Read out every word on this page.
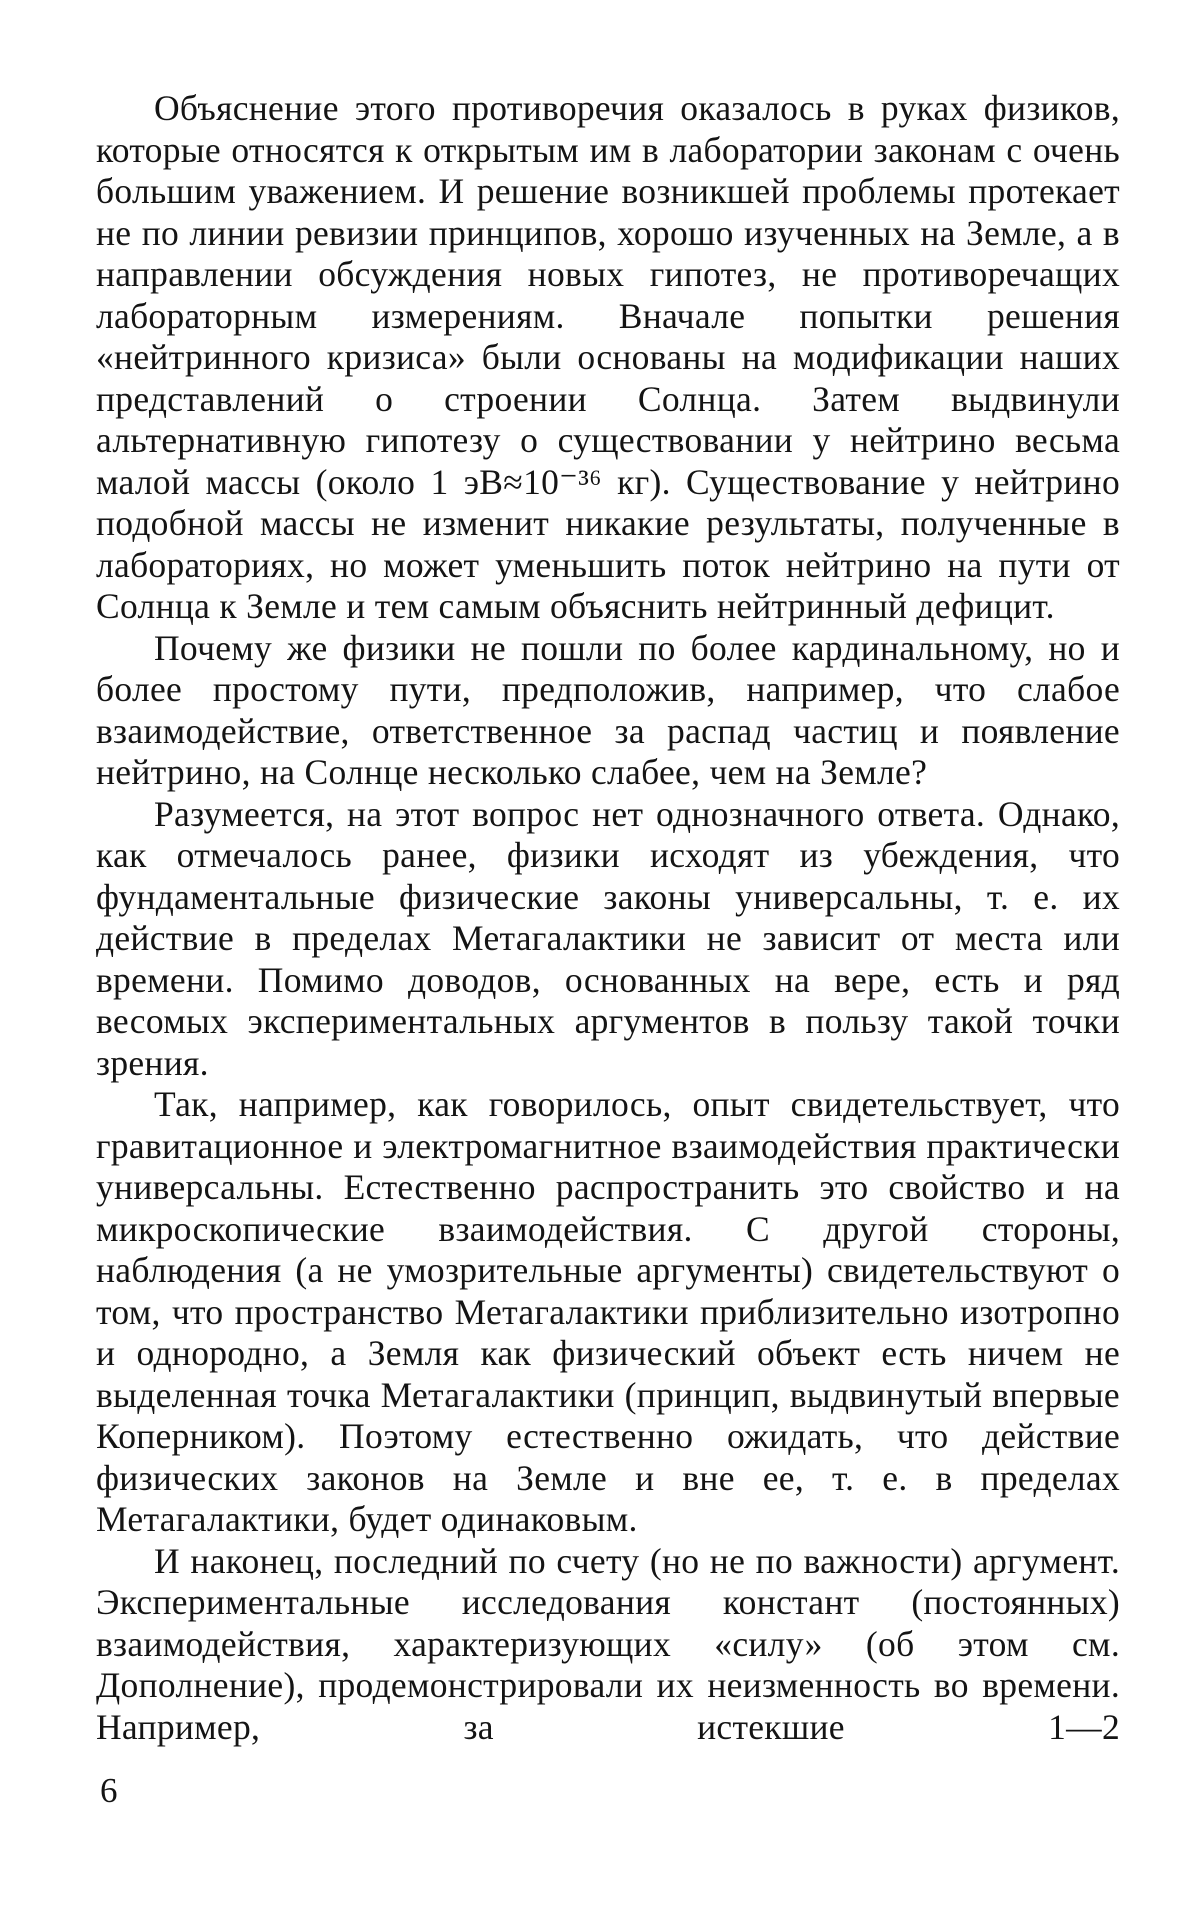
Объяснение этого противоречия оказалось в руках физиков, которые относятся к открытым им в лаборатории законам с очень большим уважением. И решение возникшей проблемы протекает не по линии ревизии принципов, хорошо изученных на Земле, а в направлении обсуждения новых гипотез, не противоречащих лабораторным измерениям. Вначале попытки решения «нейтринного кризиса» были основаны на модификации наших представлений о строении Солнца. Затем выдвинули альтернативную гипотезу о существовании у нейтрино весьма малой массы (около 1 эВ≈10⁻³⁶ кг). Существование у нейтрино подобной массы не изменит никакие результаты, полученные в лабораториях, но может уменьшить поток нейтрино на пути от Солнца к Земле и тем самым объяснить нейтринный дефицит.

Почему же физики не пошли по более кардинальному, но и более простому пути, предположив, например, что слабое взаимодействие, ответственное за распад частиц и появление нейтрино, на Солнце несколько слабее, чем на Земле?

Разумеется, на этот вопрос нет однозначного ответа. Однако, как отмечалось ранее, физики исходят из убеждения, что фундаментальные физические законы универсальны, т. е. их действие в пределах Метагалактики не зависит от места или времени. Помимо доводов, основанных на вере, есть и ряд весомых экспериментальных аргументов в пользу такой точки зрения.

Так, например, как говорилось, опыт свидетельствует, что гравитационное и электромагнитное взаимодействия практически универсальны. Естественно распространить это свойство и на микроскопические взаимодействия. С другой стороны, наблюдения (а не умозрительные аргументы) свидетельствуют о том, что пространство Метагалактики приблизительно изотропно и однородно, а Земля как физический объект есть ничем не выделенная точка Метагалактики (принцип, выдвинутый впервые Коперником). Поэтому естественно ожидать, что действие физических законов на Земле и вне ее, т. е. в пределах Метагалактики, будет одинаковым.

И наконец, последний по счету (но не по важности) аргумент. Экспериментальные исследования констант (постоянных) взаимодействия, характеризующих «силу» (об этом см. Дополнение), продемонстрировали их неизменность во времени. Например, за истекшие 1—2

6
